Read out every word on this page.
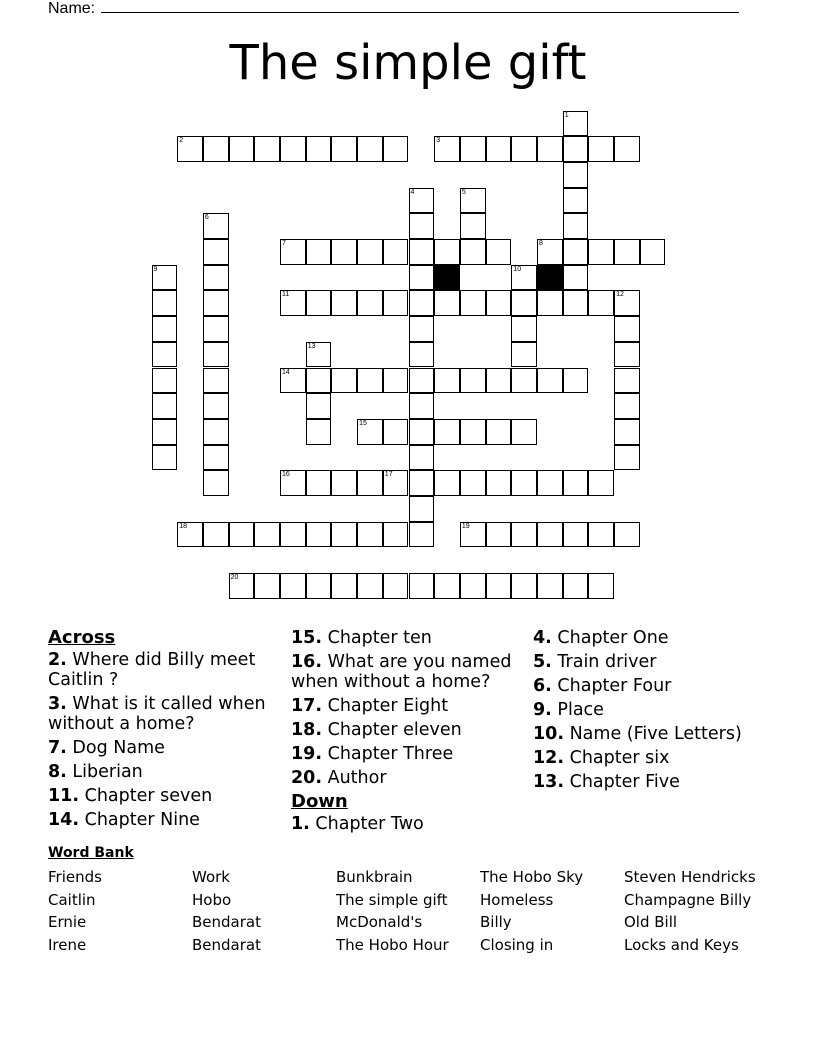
Name:
The simple gift
1
2	3
4	5
6
7	8
9	10
11	12
13
14
15
16	17
18	19
20
Across
2. Where did Billy meet Caitlin ?
3. What is it called when without a home?
7. Dog Name
8. Liberian
11. Chapter seven
14. Chapter Nine
15. Chapter ten
16. What are you named when without a home?
17. Chapter Eight
18. Chapter eleven
19. Chapter Three
20. Author
Down
1. Chapter Two
4. Chapter One
5. Train driver
6. Chapter Four
9. Place
10. Name (Five Letters)
12. Chapter six
13. Chapter Five
Word Bank
Friends
Caitlin
Ernie
Irene
Work
Hobo
Bendarat
Bendarat
Bunkbrain
The simple gift
McDonald's
The Hobo Hour
The Hobo Sky
Homeless
Billy
Closing in
Steven Hendricks
Champagne Billy
Old Bill
Locks and Keys
